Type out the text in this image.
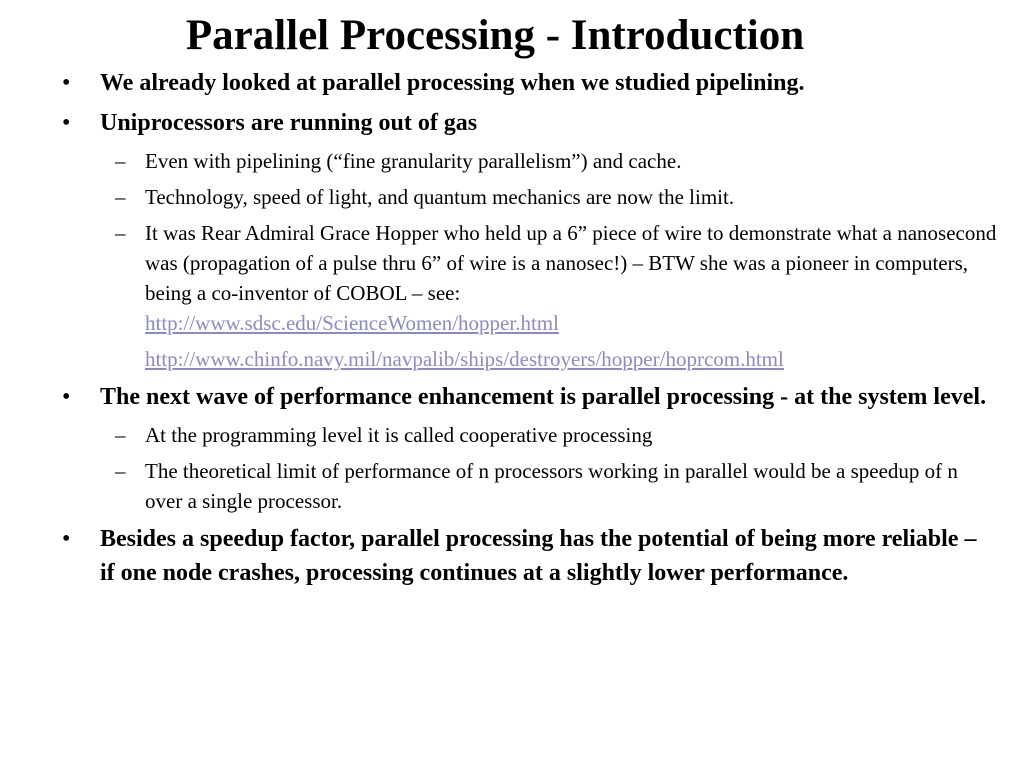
Parallel Processing - Introduction
• We already looked at parallel processing when we studied pipelining.
• Uniprocessors are running out of gas
– Even with pipelining (“fine granularity parallelism”) and cache.
– Technology, speed of light, and quantum mechanics are now the limit.
– It was Rear Admiral Grace Hopper who held up a 6” piece of wire to demonstrate what a nanosecond was (propagation of a pulse thru 6” of wire is a nanosec!) – BTW she was a pioneer in computers, being a co-inventor of COBOL – see:
http://www.sdsc.edu/ScienceWomen/hopper.html
http://www.chinfo.navy.mil/navpalib/ships/destroyers/hopper/hoprcom.html
• The next wave of performance enhancement is parallel processing - at the system level.
– At the programming level it is called cooperative processing
– The theoretical limit of performance of n processors working in parallel would be a speedup of n over a single processor.
• Besides a speedup factor, parallel processing has the potential of being more reliable – if one node crashes, processing continues at a slightly lower performance.
